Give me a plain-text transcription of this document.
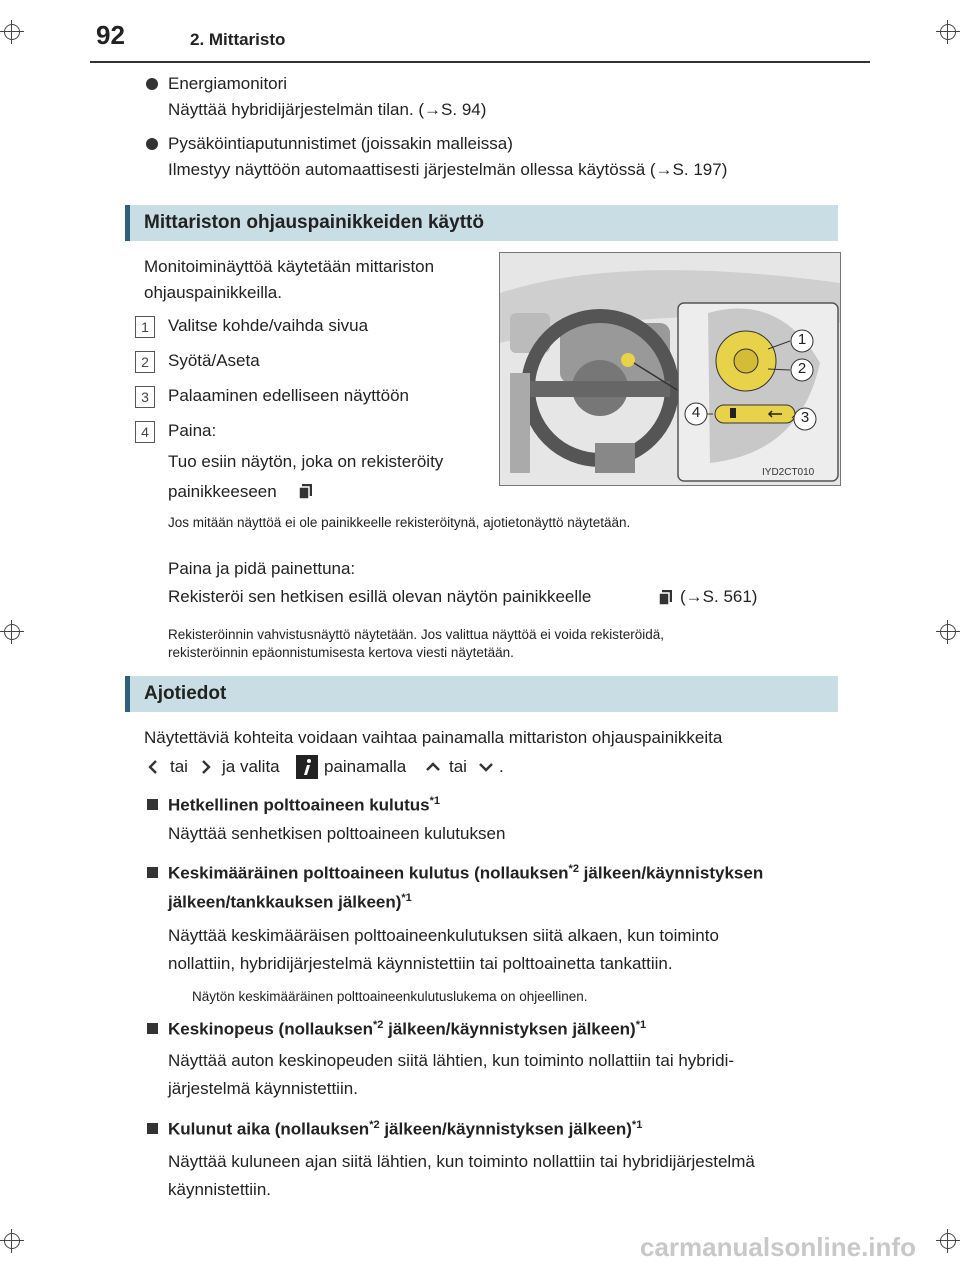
92	2. Mittaristo
Energiamonitori
Näyttää hybridijärjestelmän tilan. (→S. 94)
Pysäköintiaputunnistimet (joissakin malleissa)
Ilmestyy näyttöön automaattisesti järjestelmän ollessa käytössä (→S. 197)
Mittariston ohjauspainikkeiden käyttö
Monitoiminäyttöä käytetään mittariston
ohjauspainikkeilla.
1	Valitse kohde/vaihda sivua
2	Syötä/Aseta
3	Palaaminen edelliseen näyttöön
4	Paina:
Tuo esiin näytön, joka on rekisteröity
painikkeeseen
1
2
3
4
IYD2CT010
Jos mitään näyttöä ei ole painikkeelle rekisteröitynä, ajotietonäyttö näytetään.
Paina ja pidä painettuna:
Rekisteröi sen hetkisen esillä olevan näytön painikkeelle	(→S. 561)
Rekisteröinnin vahvistusnäyttö näytetään. Jos valittua näyttöä ei voida rekisteröidä,
rekisteröinnin epäonnistumisesta kertova viesti näytetään.
Ajotiedot
Näytettäviä kohteita voidaan vaihtaa painamalla mittariston ohjauspainikkeita
tai ja valita	painamalla	tai .
Hetkellinen polttoaineen kulutus$^{*1}$
Näyttää senhetkisen polttoaineen kulutuksen
Keskimääräinen polttoaineen kulutus (nollauksen$^{*2}$ jälkeen/käynnistyksen
jälkeen/tankkauksen jälkeen)$^{*1}$
Näyttää keskimääräisen polttoaineenkulutuksen siitä alkaen, kun toiminto
nollattiin, hybridijärjestelmä käynnistettiin tai polttoainetta tankattiin.
Näytön keskimääräinen polttoaineenkulutuslukema on ohjeellinen.
Keskinopeus (nollauksen$^{*2}$ jälkeen/käynnistyksen jälkeen)$^{*1}$
Näyttää auton keskinopeuden siitä lähtien, kun toiminto nollattiin tai hybridi-
järjestelmä käynnistettiin.
Kulunut aika (nollauksen$^{*2}$ jälkeen/käynnistyksen jälkeen)$^{*1}$
Näyttää kuluneen ajan siitä lähtien, kun toiminto nollattiin tai hybridijärjestelmä
käynnistettiin.
carmanualsonline.info
